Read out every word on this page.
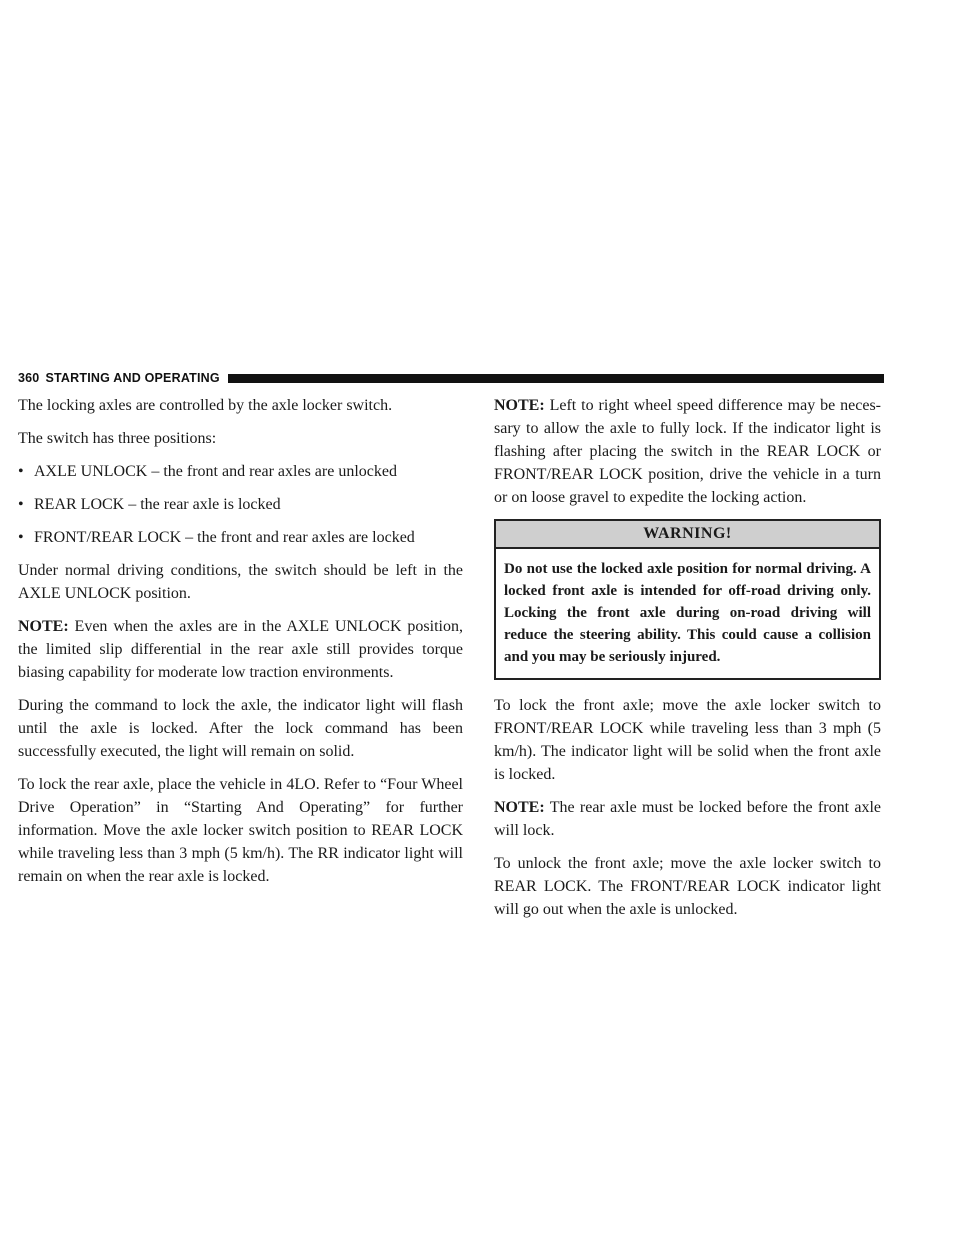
360 STARTING AND OPERATING

The locking axles are controlled by the axle locker switch.

The switch has three positions:

• AXLE UNLOCK – the front and rear axles are unlocked
• REAR LOCK – the rear axle is locked
• FRONT/REAR LOCK – the front and rear axles are locked

Under normal driving conditions, the switch should be left in the AXLE UNLOCK position.

NOTE: Even when the axles are in the AXLE UNLOCK position, the limited slip differential in the rear axle still provides torque biasing capability for moderate low traction environments.

During the command to lock the axle, the indicator light will flash until the axle is locked. After the lock command has been successfully executed, the light will remain on solid.

To lock the rear axle, place the vehicle in 4LO. Refer to “Four Wheel Drive Operation” in “Starting And Operating” for further information. Move the axle locker switch position to REAR LOCK while traveling less than 3 mph (5 km/h). The RR indicator light will remain on when the rear axle is locked.

NOTE: Left to right wheel speed difference may be necessary to allow the axle to fully lock. If the indicator light is flashing after placing the switch in the REAR LOCK or FRONT/REAR LOCK position, drive the vehicle in a turn or on loose gravel to expedite the locking action.

WARNING!
Do not use the locked axle position for normal driving. A locked front axle is intended for off-road driving only. Locking the front axle during on-road driving will reduce the steering ability. This could cause a collision and you may be seriously injured.

To lock the front axle; move the axle locker switch to FRONT/REAR LOCK while traveling less than 3 mph (5 km/h). The indicator light will be solid when the front axle is locked.

NOTE: The rear axle must be locked before the front axle will lock.

To unlock the front axle; move the axle locker switch to REAR LOCK. The FRONT/REAR LOCK indicator light will go out when the axle is unlocked.
